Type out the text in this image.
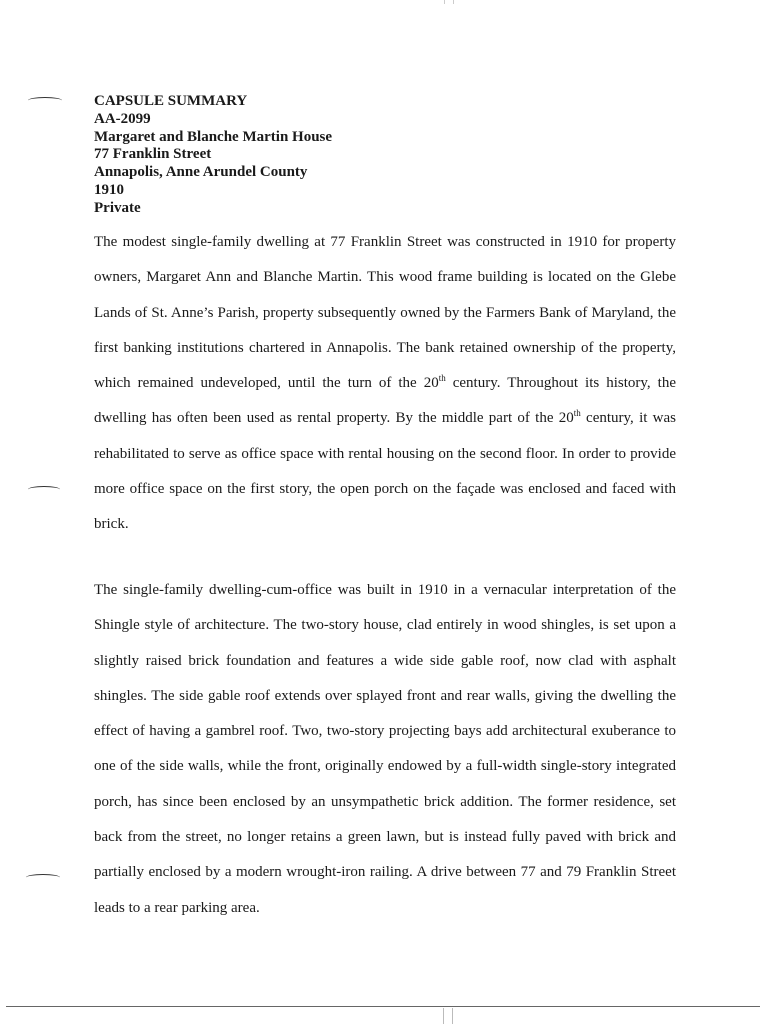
CAPSULE SUMMARY
AA-2099
Margaret and Blanche Martin House
77 Franklin Street
Annapolis, Anne Arundel County
1910
Private

The modest single-family dwelling at 77 Franklin Street was constructed in 1910 for property owners, Margaret Ann and Blanche Martin. This wood frame building is located on the Glebe Lands of St. Anne’s Parish, property subsequently owned by the Farmers Bank of Maryland, the first banking institutions chartered in Annapolis. The bank retained ownership of the property, which remained undeveloped, until the turn of the 20th century. Throughout its history, the dwelling has often been used as rental property. By the middle part of the 20th century, it was rehabilitated to serve as office space with rental housing on the second floor. In order to provide more office space on the first story, the open porch on the façade was enclosed and faced with brick.

The single-family dwelling-cum-office was built in 1910 in a vernacular interpretation of the Shingle style of architecture. The two-story house, clad entirely in wood shingles, is set upon a slightly raised brick foundation and features a wide side gable roof, now clad with asphalt shingles. The side gable roof extends over splayed front and rear walls, giving the dwelling the effect of having a gambrel roof. Two, two-story projecting bays add architectural exuberance to one of the side walls, while the front, originally endowed by a full-width single-story integrated porch, has since been enclosed by an unsympathetic brick addition. The former residence, set back from the street, no longer retains a green lawn, but is instead fully paved with brick and partially enclosed by a modern wrought-iron railing. A drive between 77 and 79 Franklin Street leads to a rear parking area.
